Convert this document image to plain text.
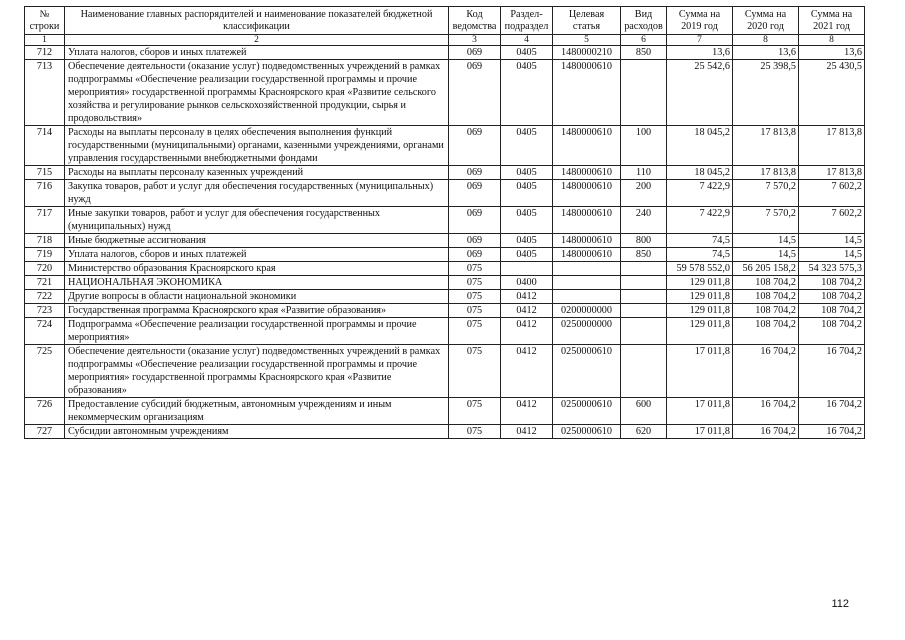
№ строки	Наименование главных распорядителей и наименование показателей бюджетной классификации	Код ведомства	Раздел-подраздел	Целевая статья	Вид расходов	Сумма на 2019 год	Сумма на 2020 год	Сумма на 2021 год
1	2	3	4	5	6	7	8	8
712	Уплата налогов, сборов и иных платежей	069	0405	1480000210	850	13,6	13,6	13,6
713	Обеспечение деятельности (оказание услуг) подведомственных учреждений в рамках подпрограммы «Обеспечение реализации государственной программы и прочие мероприятия» государственной программы Красноярского края «Развитие сельского хозяйства и регулирование рынков сельскохозяйственной продукции, сырья и продовольствия»	069	0405	1480000610		25 542,6	25 398,5	25 430,5
714	Расходы на выплаты персоналу в целях обеспечения выполнения функций государственными (муниципальными) органами, казенными учреждениями, органами управления государственными внебюджетными фондами	069	0405	1480000610	100	18 045,2	17 813,8	17 813,8
715	Расходы на выплаты персоналу казенных учреждений	069	0405	1480000610	110	18 045,2	17 813,8	17 813,8
716	Закупка товаров, работ и услуг для обеспечения государственных (муниципальных) нужд	069	0405	1480000610	200	7 422,9	7 570,2	7 602,2
717	Иные закупки товаров, работ и услуг для обеспечения государственных (муниципальных) нужд	069	0405	1480000610	240	7 422,9	7 570,2	7 602,2
718	Иные бюджетные ассигнования	069	0405	1480000610	800	74,5	14,5	14,5
719	Уплата налогов, сборов и иных платежей	069	0405	1480000610	850	74,5	14,5	14,5
720	Министерство образования Красноярского края	075				59 578 552,0	56 205 158,2	54 323 575,3
721	НАЦИОНАЛЬНАЯ ЭКОНОМИКА	075	0400			129 011,8	108 704,2	108 704,2
722	Другие вопросы в области национальной экономики	075	0412			129 011,8	108 704,2	108 704,2
723	Государственная программа Красноярского края «Развитие образования»	075	0412	0200000000		129 011,8	108 704,2	108 704,2
724	Подпрограмма «Обеспечение реализации государственной программы и прочие мероприятия»	075	0412	0250000000		129 011,8	108 704,2	108 704,2
725	Обеспечение деятельности (оказание услуг) подведомственных учреждений в рамках подпрограммы «Обеспечение реализации государственной программы и прочие мероприятия» государственной программы Красноярского края «Развитие образования»	075	0412	0250000610		17 011,8	16 704,2	16 704,2
726	Предоставление субсидий бюджетным, автономным учреждениям и иным некоммерческим организациям	075	0412	0250000610	600	17 011,8	16 704,2	16 704,2
727	Субсидии автономным учреждениям	075	0412	0250000610	620	17 011,8	16 704,2	16 704,2
112
